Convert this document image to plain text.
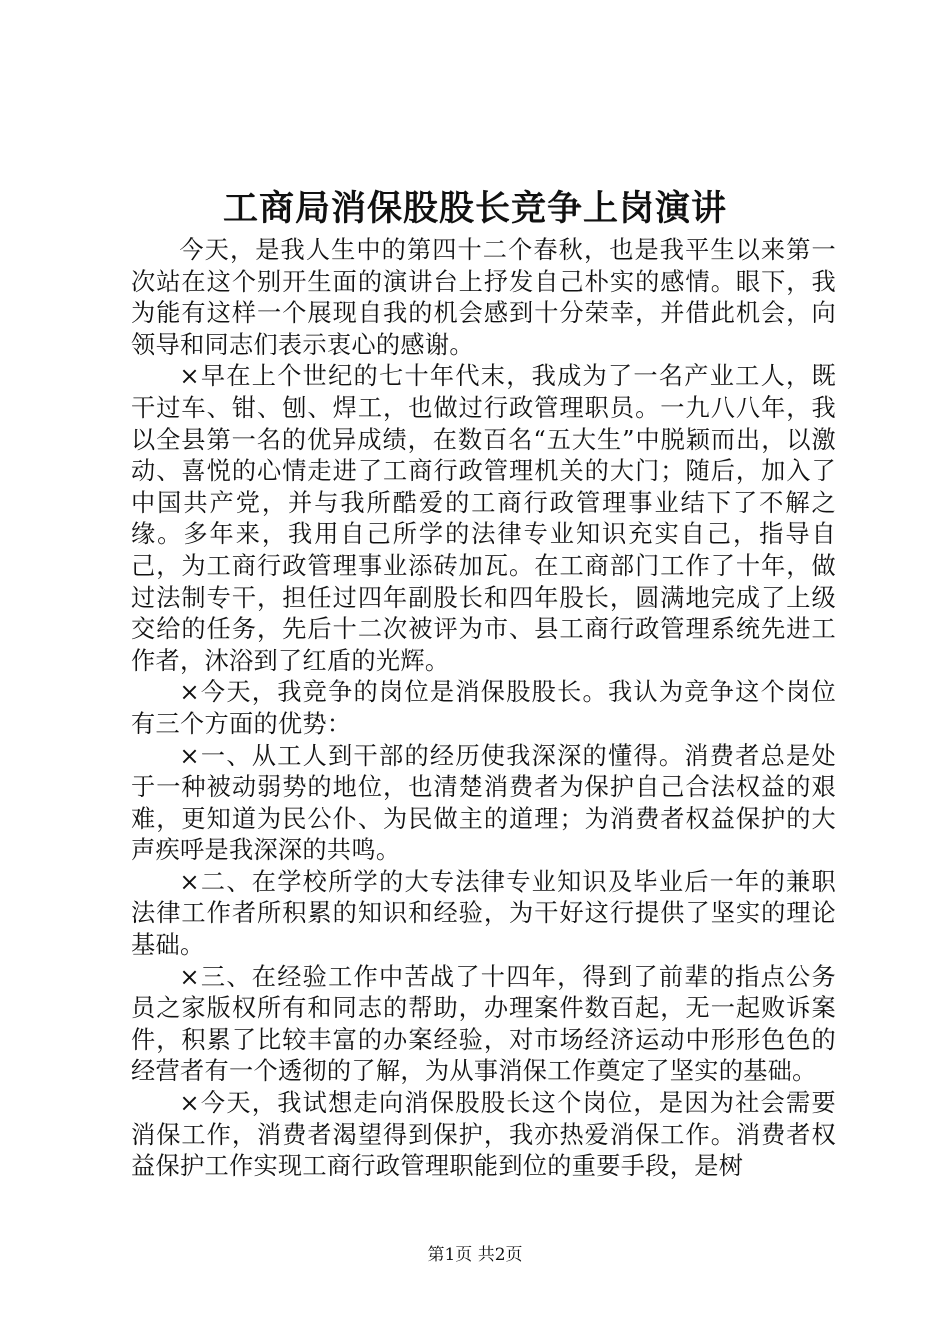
工商局消保股股长竞争上岗演讲

今天，是我人生中的第四十二个春秋，也是我平生以来第一次站在这个别开生面的演讲台上抒发自己朴实的感情。眼下，我为能有这样一个展现自我的机会感到十分荣幸，并借此机会，向领导和同志们表示衷心的感谢。

×早在上个世纪的七十年代末，我成为了一名产业工人，既干过车、钳、刨、焊工，也做过行政管理职员。一九八八年，我以全县第一名的优异成绩，在数百名“五大生”中脱颖而出，以激动、喜悦的心情走进了工商行政管理机关的大门；随后，加入了中国共产党，并与我所酷爱的工商行政管理事业结下了不解之缘。多年来，我用自己所学的法律专业知识充实自己，指导自己，为工商行政管理事业添砖加瓦。在工商部门工作了十年，做过法制专干，担任过四年副股长和四年股长，圆满地完成了上级交给的任务，先后十二次被评为市、县工商行政管理系统先进工作者，沐浴到了红盾的光辉。

×今天，我竞争的岗位是消保股股长。我认为竞争这个岗位有三个方面的优势：

×一、从工人到干部的经历使我深深的懂得。消费者总是处于一种被动弱势的地位，也清楚消费者为保护自己合法权益的艰难，更知道为民公仆、为民做主的道理；为消费者权益保护的大声疾呼是我深深的共鸣。

×二、在学校所学的大专法律专业知识及毕业后一年的兼职法律工作者所积累的知识和经验，为干好这行提供了坚实的理论基础。

×三、在经验工作中苦战了十四年，得到了前辈的指点公务员之家版权所有和同志的帮助，办理案件数百起，无一起败诉案件，积累了比较丰富的办案经验，对市场经济运动中形形色色的经营者有一个透彻的了解，为从事消保工作奠定了坚实的基础。

×今天，我试想走向消保股股长这个岗位，是因为社会需要消保工作，消费者渴望得到保护，我亦热爱消保工作。消费者权益保护工作实现工商行政管理职能到位的重要手段，是树

第1页 共2页
